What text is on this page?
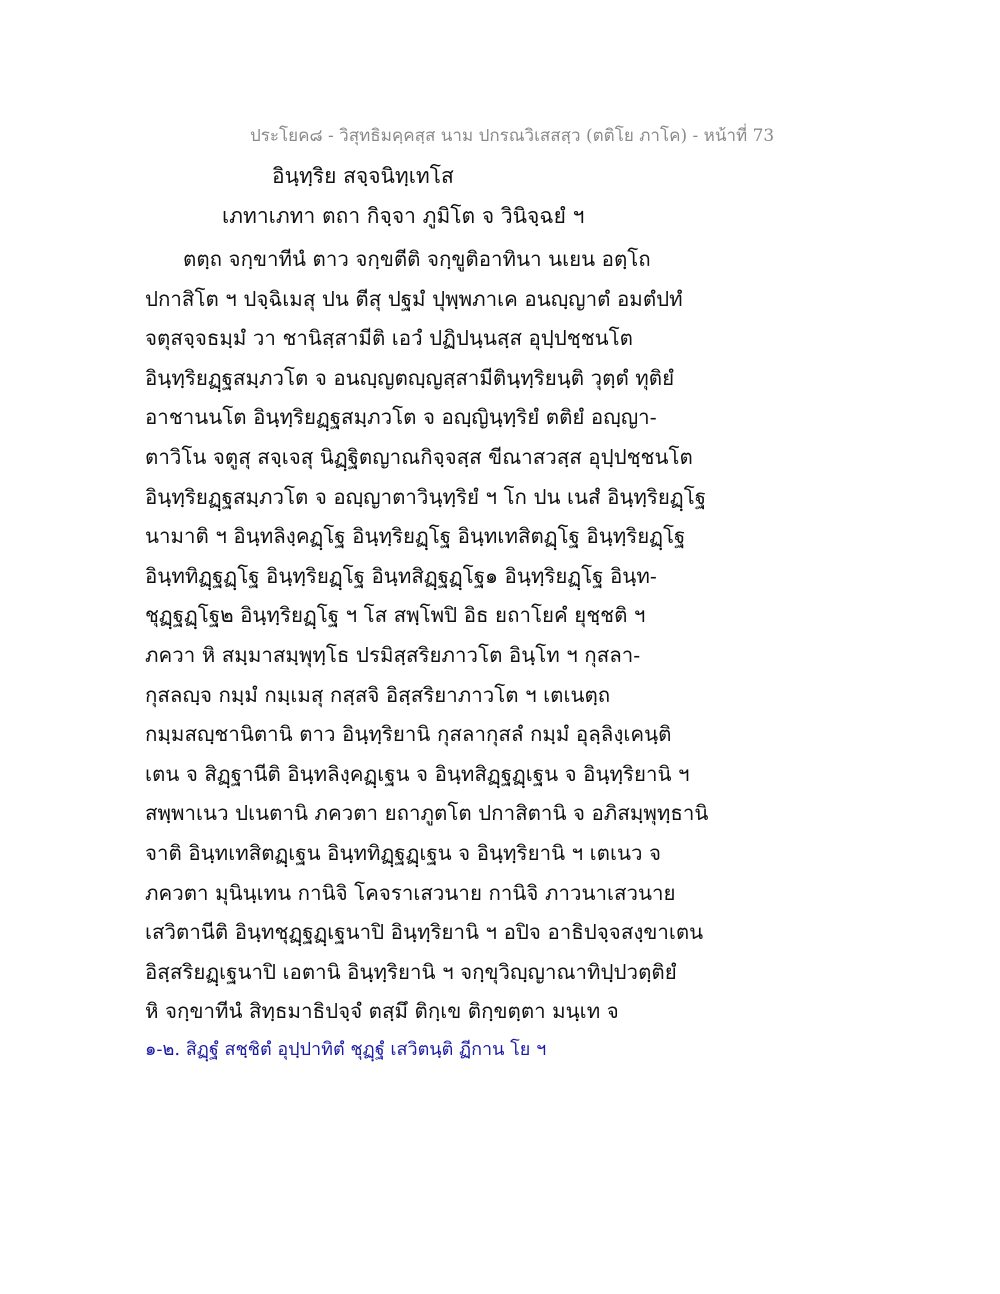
ประโยค๘ - วิสุทธิมคฺคสฺส นาม ปกรณวิเสสสฺว (ตติโย ภาโค) - หน้าที่ 73
อินฺทฺริย สจฺจนิทฺเทโส
เภทาเภทา ตถา กิจฺจา ภูมิโต จ วินิจฺฉยํ ฯ
ตตฺถ จกฺขาทีนํ ตาว จกฺขตีติ จกฺขูติอาทินา นเยน อตฺโถ
ปกาสิโต ฯ ปจฺฉิเมสุ ปน ตีสุ ปฐมํ ปุพฺพภาเค อนญฺญาตํ อมตํปทํ
จตุสจฺจธมฺมํ วา ชานิสฺสามีติ เอวํ ปฏิปนฺนสฺส อุปฺปชฺชนโต
อินฺทฺริยฏฺฐสมฺภวโต จ อนญฺญตญฺญสฺสามีตินฺทฺริยนฺติ วุตฺตํ ทุติยํ
อาชานนโต อินฺทฺริยฏฺฐสมฺภวโต จ อญฺญินฺทฺริยํ ตติยํ อญฺญา-
ตาวิโน จตูสุ สจฺเจสุ นิฏฺฐิตญาณกิจฺจสฺส ขีณาสวสฺส อุปฺปชฺชนโต
อินฺทฺริยฏฺฐสมฺภวโต จ อญฺญาตาวินฺทฺริยํ ฯ โก ปน เนสํ อินฺทฺริยฏฺโฐ
นามาติ ฯ อินฺทลิงฺคฏฺโฐ อินฺทฺริยฏฺโฐ อินฺทเทสิตฏฺโฐ อินฺทฺริยฏฺโฐ
อินฺททิฏฺฐฏฺโฐ อินฺทฺริยฏฺโฐ อินฺทสิฏฺฐฏฺโฐ๑ อินฺทฺริยฏฺโฐ อินฺท-
ชุฏฺฐฏฺโฐ๒ อินฺทฺริยฏฺโฐ ฯ โส สพฺโพปิ อิธ ยถาโยคํ ยุชฺชติ ฯ
ภควา หิ สมฺมาสมฺพุทฺโธ ปรมิสฺสริยภาวโต อินฺโท ฯ กุสลา-
กุสลญฺจ กมฺมํ กมฺเมสุ กสฺสจิ อิสฺสริยาภาวโต ฯ เตเนตฺถ
กมฺมสญฺชานิตานิ ตาว อินฺทฺริยานิ กุสลากุสลํ กมฺมํ อุลฺลิงฺเคนฺติ
เตน จ สิฏฺฐานีติ อินฺทลิงฺคฏฺเฐน จ อินฺทสิฏฺฐฏฺเฐน จ อินฺทฺริยานิ ฯ
สพฺพาเนว ปเนตานิ ภควตา ยถาภูตโต ปกาสิตานิ จ อภิสมฺพุทฺธานิ
จาติ อินฺทเทสิตฏฺเฐน อินฺททิฏฺฐฏฺเฐน จ อินฺทฺริยานิ ฯ เตเนว จ
ภควตา มุนินฺเทน กานิจิ โคจราเสวนาย กานิจิ ภาวนาเสวนาย
เสวิตานีติ อินฺทชุฏฺฐฏฺเฐนาปิ อินฺทฺริยานิ ฯ อปิจ อาธิปจฺจสงฺขาเตน
อิสฺสริยฏฺเฐนาปิ เอตานิ อินฺทฺริยานิ ฯ จกฺขุวิญฺญาณาทิปฺปวตฺติยํ
หิ จกฺขาทีนํ สิทฺธมาธิปจฺจํ ตสฺมึ ติกฺเข ติกฺขตฺตา มนฺเท จ
๑-๒. สิฏฺฐํ สชฺชิตํ อุปฺปาทิตํ ชุฏฺฐํ เสวิตนฺติ ฏีกาน โย ฯ
